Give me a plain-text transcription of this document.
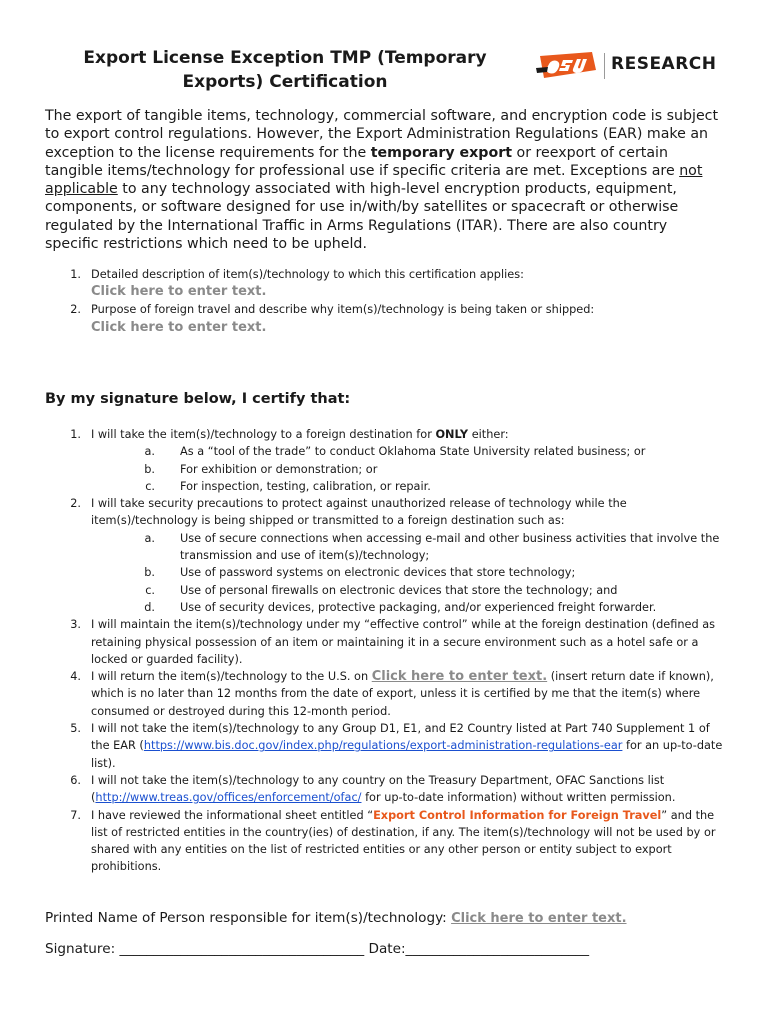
Export License Exception TMP (Temporary Exports) Certification
RESEARCH
The export of tangible items, technology, commercial software, and encryption code is subject to export control regulations. However, the Export Administration Regulations (EAR) make an exception to the license requirements for the temporary export or reexport of certain tangible items/technology for professional use if specific criteria are met. Exceptions are not applicable to any technology associated with high-level encryption products, equipment, components, or software designed for use in/with/by satellites or spacecraft or otherwise regulated by the International Traffic in Arms Regulations (ITAR). There are also country specific restrictions which need to be upheld.
1. Detailed description of item(s)/technology to which this certification applies:
Click here to enter text.
2. Purpose of foreign travel and describe why item(s)/technology is being taken or shipped:
Click here to enter text.
By my signature below, I certify that:
1. I will take the item(s)/technology to a foreign destination for ONLY either:
a. As a “tool of the trade” to conduct Oklahoma State University related business; or
b. For exhibition or demonstration; or
c. For inspection, testing, calibration, or repair.
2. I will take security precautions to protect against unauthorized release of technology while the item(s)/technology is being shipped or transmitted to a foreign destination such as:
a. Use of secure connections when accessing e-mail and other business activities that involve the transmission and use of item(s)/technology;
b. Use of password systems on electronic devices that store technology;
c. Use of personal firewalls on electronic devices that store the technology; and
d. Use of security devices, protective packaging, and/or experienced freight forwarder.
3. I will maintain the item(s)/technology under my “effective control” while at the foreign destination (defined as retaining physical possession of an item or maintaining it in a secure environment such as a hotel safe or a locked or guarded facility).
4. I will return the item(s)/technology to the U.S. on Click here to enter text. (insert return date if known), which is no later than 12 months from the date of export, unless it is certified by me that the item(s) where consumed or destroyed during this 12-month period.
5. I will not take the item(s)/technology to any Group D1, E1, and E2 Country listed at Part 740 Supplement 1 of the EAR (https://www.bis.doc.gov/index.php/regulations/export-administration-regulations-ear for an up-to-date list).
6. I will not take the item(s)/technology to any country on the Treasury Department, OFAC Sanctions list (http://www.treas.gov/offices/enforcement/ofac/ for up-to-date information) without written permission.
7. I have reviewed the informational sheet entitled “Export Control Information for Foreign Travel” and the list of restricted entities in the country(ies) of destination, if any. The item(s)/technology will not be used by or shared with any entities on the list of restricted entities or any other person or entity subject to export prohibitions.
Printed Name of Person responsible for item(s)/technology: Click here to enter text.
Signature: ____________________________________ Date:___________________________
